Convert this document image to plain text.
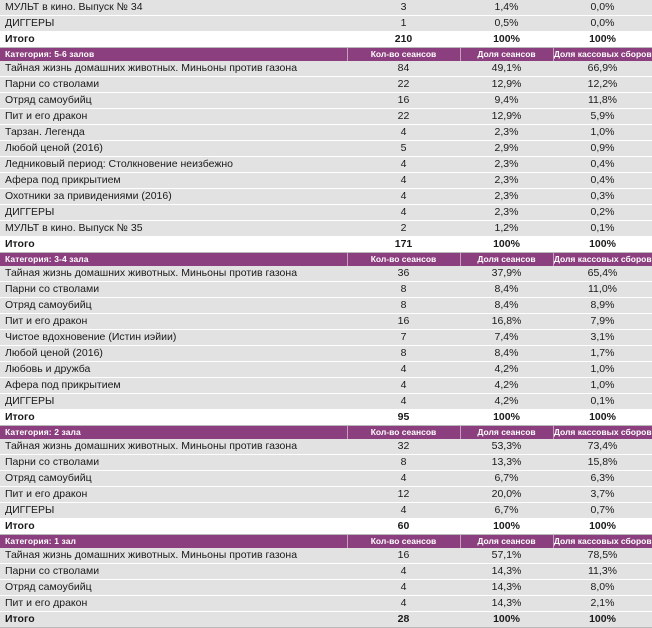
МУЛЬТ в кино. Выпуск № 34	3	1,4%	0,0%
ДИГГЕРЫ	1	0,5%	0,0%
Итого	210	100%	100%
Категория: 5-6 залов	Кол-во сеансов	Доля сеансов	Доля кассовых сборов
Тайная жизнь домашних животных. Миньоны против газона	84	49,1%	66,9%
Парни со стволами	22	12,9%	12,2%
Отряд самоубийц	16	9,4%	11,8%
Пит и его дракон	22	12,9%	5,9%
Тарзан. Легенда	4	2,3%	1,0%
Любой ценой (2016)	5	2,9%	0,9%
Ледниковый период: Столкновение неизбежно	4	2,3%	0,4%
Афера под прикрытием	4	2,3%	0,4%
Охотники за привидениями (2016)	4	2,3%	0,3%
ДИГГЕРЫ	4	2,3%	0,2%
МУЛЬТ в кино. Выпуск № 35	2	1,2%	0,1%
Итого	171	100%	100%
Категория: 3-4 зала	Кол-во сеансов	Доля сеансов	Доля кассовых сборов
Тайная жизнь домашних животных. Миньоны против газона	36	37,9%	65,4%
Парни со стволами	8	8,4%	11,0%
Отряд самоубийц	8	8,4%	8,9%
Пит и его дракон	16	16,8%	7,9%
Чистое вдохновение (Истин иэйии)	7	7,4%	3,1%
Любой ценой (2016)	8	8,4%	1,7%
Любовь и дружба	4	4,2%	1,0%
Афера под прикрытием	4	4,2%	1,0%
ДИГГЕРЫ	4	4,2%	0,1%
Итого	95	100%	100%
Категория: 2 зала	Кол-во сеансов	Доля сеансов	Доля кассовых сборов
Тайная жизнь домашних животных. Миньоны против газона	32	53,3%	73,4%
Парни со стволами	8	13,3%	15,8%
Отряд самоубийц	4	6,7%	6,3%
Пит и его дракон	12	20,0%	3,7%
ДИГГЕРЫ	4	6,7%	0,7%
Итого	60	100%	100%
Категория: 1 зал	Кол-во сеансов	Доля сеансов	Доля кассовых сборов
Тайная жизнь домашних животных. Миньоны против газона	16	57,1%	78,5%
Парни со стволами	4	14,3%	11,3%
Отряд самоубийц	4	14,3%	8,0%
Пит и его дракон	4	14,3%	2,1%
Итого	28	100%	100%
